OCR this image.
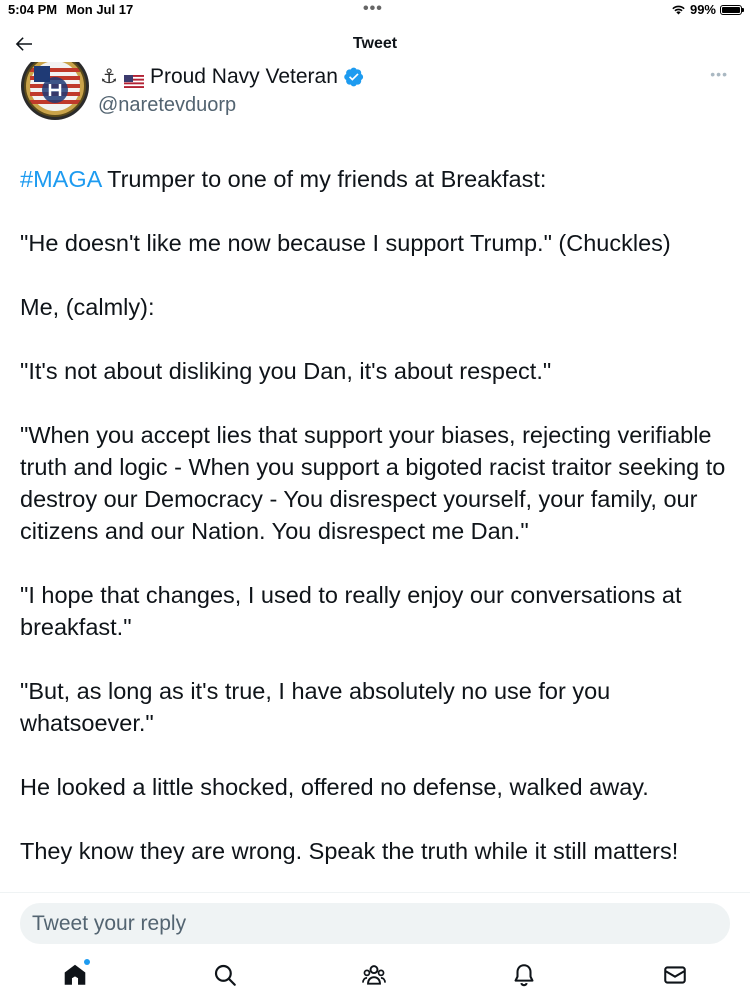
5:04 PM Mon Jul 17	•••	99%
Tweet
⚓ Proud Navy Veteran
@naretevduorp
•••

#MAGA Trumper to one of my friends at Breakfast:

"He doesn't like me now because I support Trump." (Chuckles)

Me, (calmly):

"It's not about disliking you Dan, it's about respect."

"When you accept lies that support your biases, rejecting verifiable truth and logic - When you support a bigoted racist traitor seeking to destroy our Democracy - You disrespect yourself, your family, our citizens and our Nation. You disrespect me Dan."

"I hope that changes, I used to really enjoy our conversations at breakfast."

"But, as long as it's true, I have absolutely no use for you whatsoever."

He looked a little shocked, offered no defense, walked away.

They know they are wrong. Speak the truth while it still matters!

Tweet your reply
